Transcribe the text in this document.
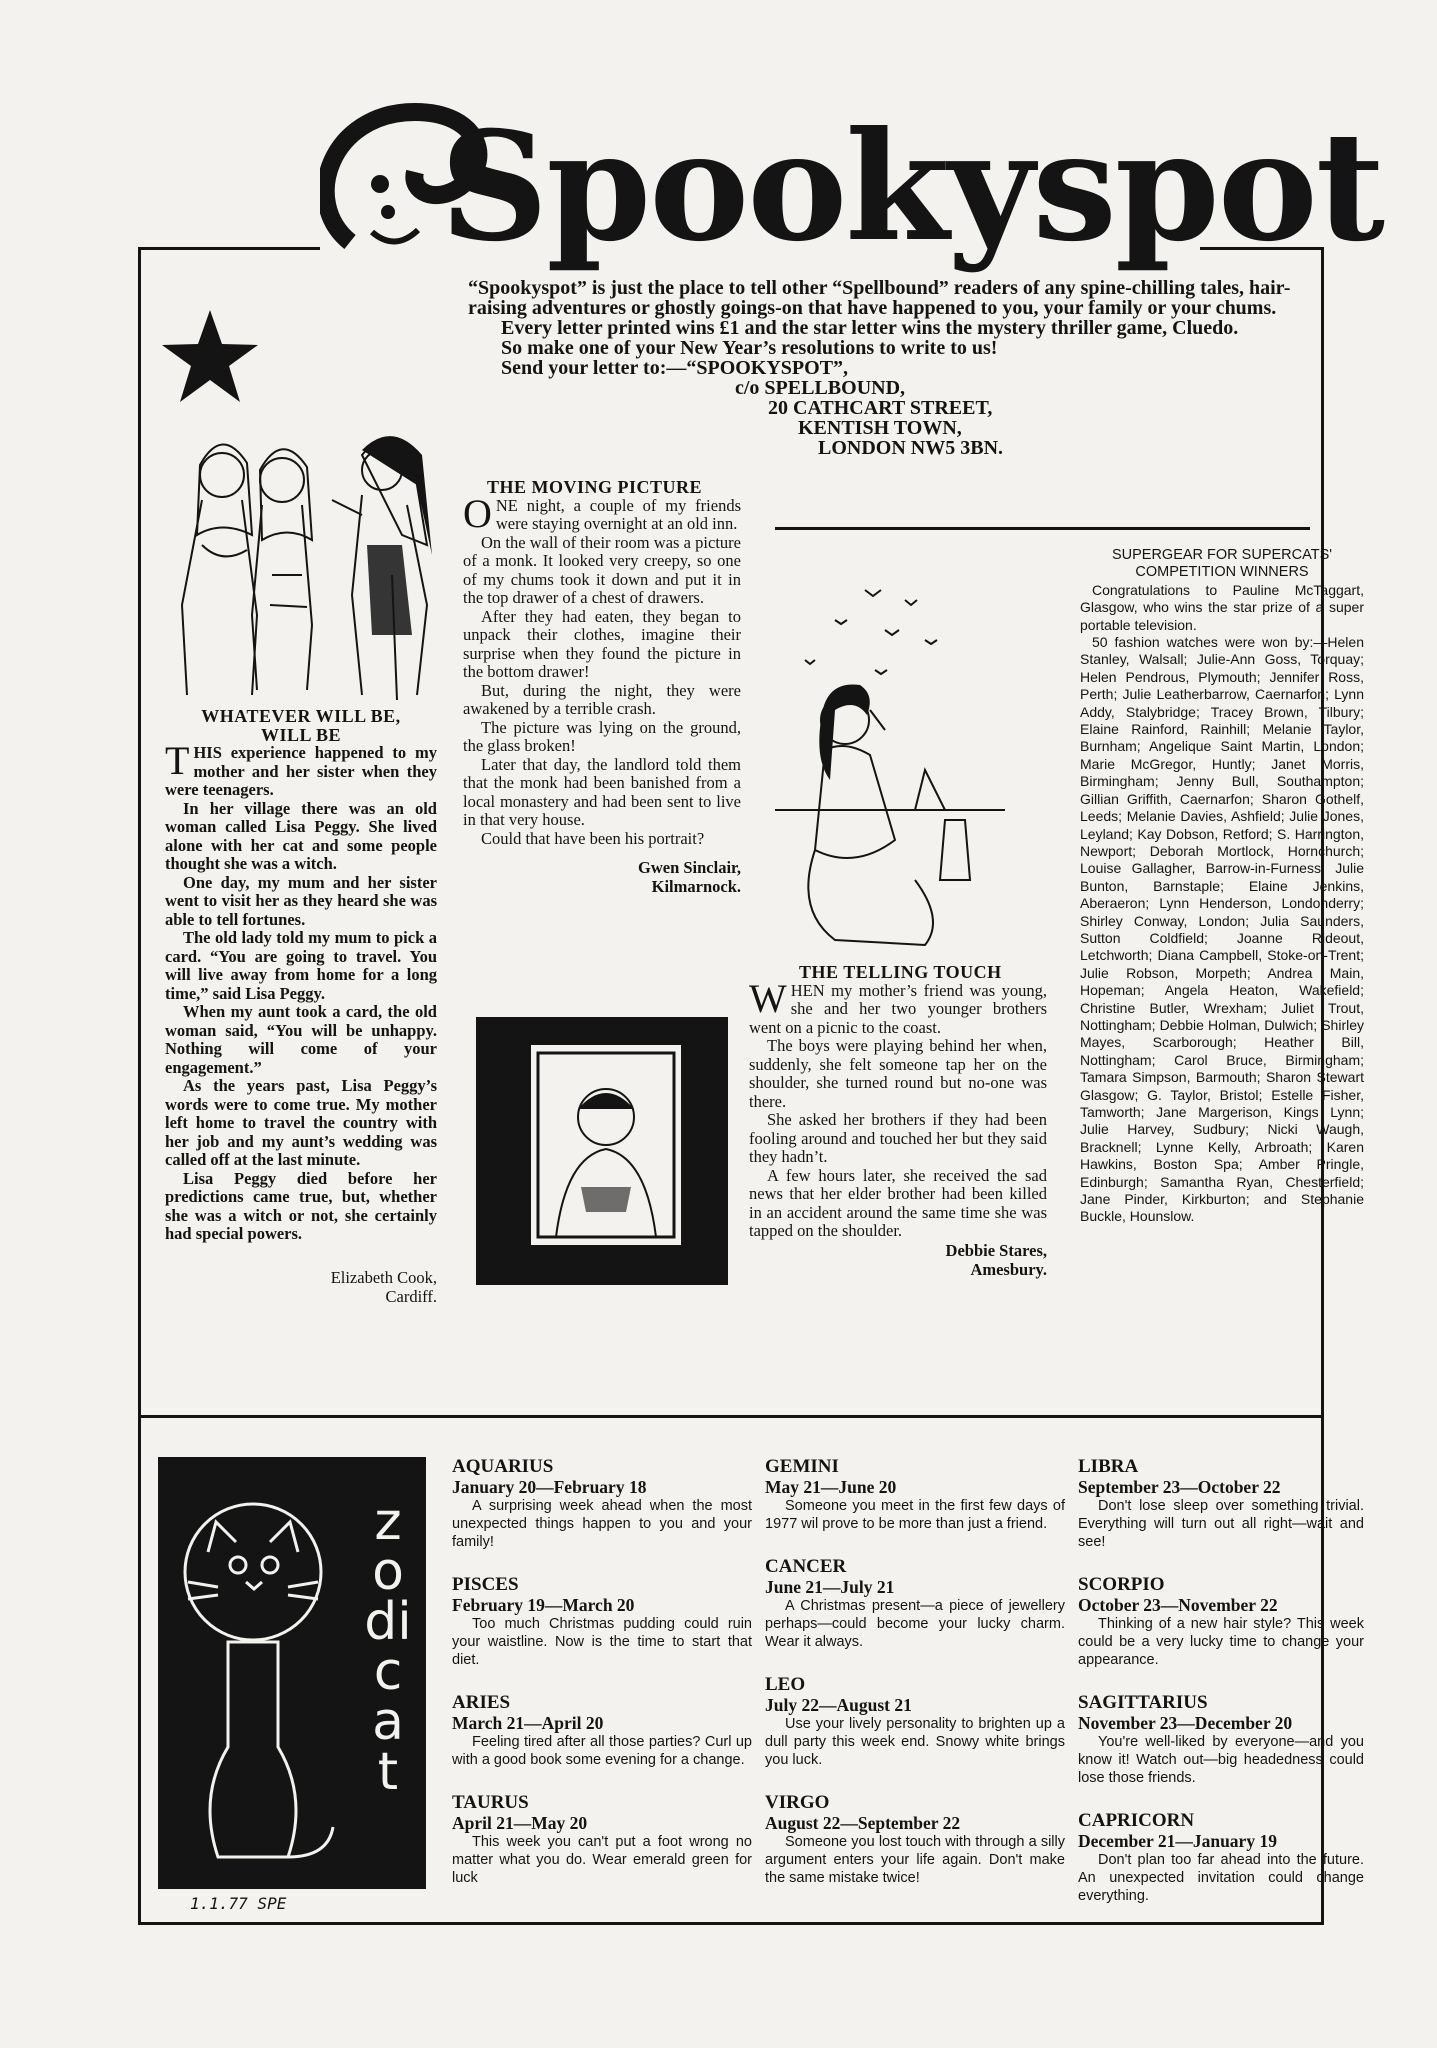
Spookyspot

“Spookyspot” is just the place to tell other “Spellbound” readers of any spine-chilling tales, hair-raising adventures or ghostly goings-on that have happened to you, your family or your chums.

Every letter printed wins £1 and the star letter wins the mystery thriller game, Cluedo.

So make one of your New Year’s resolutions to write to us!

Send your letter to:—“SPOOKYSPOT”,

c/o SPELLBOUND,
20 CATHCART STREET,
KENTISH TOWN,
LONDON NW5 3BN.
WHATEVER WILL BE,
WILL BE

THIS experience happened to my mother and her sister when they were teenagers.

In her village there was an old woman called Lisa Peggy. She lived alone with her cat and some people thought she was a witch.

One day, my mum and her sister went to visit her as they heard she was able to tell fortunes.

The old lady told my mum to pick a card. “You are going to travel. You will live away from home for a long time,” said Lisa Peggy.

When my aunt took a card, the old woman said, “You will be unhappy. Nothing will come of your engagement.”

As the years past, Lisa Peggy’s words were to come true. My mother left home to travel the country with her job and my aunt’s wedding was called off at the last minute.

Lisa Peggy died before her predictions came true, but, whether she was a witch or not, she certainly had special powers.

Elizabeth Cook,
Cardiff.
THE MOVING PICTURE

ONE night, a couple of my friends were staying overnight at an old inn.

On the wall of their room was a picture of a monk. It looked very creepy, so one of my chums took it down and put it in the top drawer of a chest of drawers.

After they had eaten, they began to unpack their clothes, imagine their surprise when they found the picture in the bottom drawer!

But, during the night, they were awakened by a terrible crash.

The picture was lying on the ground, the glass broken!

Later that day, the landlord told them that the monk had been banished from a local monastery and had been sent to live in that very house.

Could that have been his portrait?

Gwen Sinclair,
Kilmarnock.
THE TELLING TOUCH

WHEN my mother’s friend was young, she and her two younger brothers went on a picnic to the coast.

The boys were playing behind her when, suddenly, she felt someone tap her on the shoulder, she turned round but no-one was there.

She asked her brothers if they had been fooling around and touched her but they said they hadn’t.

A few hours later, she received the sad news that her elder brother had been killed in an accident around the same time she was tapped on the shoulder.

Debbie Stares,
Amesbury.
SUPERGEAR FOR SUPERCATS'
COMPETITION WINNERS

Congratulations to Pauline McTaggart, Glasgow, who wins the star prize of a super portable television.

50 fashion watches were won by:—Helen Stanley, Walsall; Julie-Ann Goss, Torquay; Helen Pendrous, Plymouth; Jennifer Ross, Perth; Julie Leatherbarrow, Caernarfon; Lynn Addy, Stalybridge; Tracey Brown, Tilbury; Elaine Rainford, Rainhill; Melanie Taylor, Burnham; Angelique Saint Martin, London; Marie McGregor, Huntly; Janet Morris, Birmingham; Jenny Bull, Southampton; Gillian Griffith, Caernarfon; Sharon Gothelf, Leeds; Melanie Davies, Ashfield; Julie Jones, Leyland; Kay Dobson, Retford; S. Harrington, Newport; Deborah Mortlock, Hornchurch; Louise Gallagher, Barrow-in-Furness; Julie Bunton, Barnstaple; Elaine Jenkins, Aberaeron; Lynn Henderson, Londonderry; Shirley Conway, London; Julia Saunders, Sutton Coldfield; Joanne Rideout, Letchworth; Diana Campbell, Stoke-on-Trent; Julie Robson, Morpeth; Andrea Main, Hopeman; Angela Heaton, Wakefield; Christine Butler, Wrexham; Juliet Trout, Nottingham; Debbie Holman, Dulwich; Shirley Mayes, Scarborough; Heather Bill, Nottingham; Carol Bruce, Birmingham; Tamara Simpson, Barmouth; Sharon Stewart Glasgow; G. Taylor, Bristol; Estelle Fisher, Tamworth; Jane Margerison, Kings Lynn; Julie Harvey, Sudbury; Nicki Waugh, Bracknell; Lynne Kelly, Arbroath; Karen Hawkins, Boston Spa; Amber Pringle, Edinburgh; Samantha Ryan, Chesterfield; Jane Pinder, Kirkburton; and Stephanie Buckle, Hounslow.

zodicat
1.1.77 SPE
AQUARIUS
January 20—February 18
A surprising week ahead when the most unexpected things happen to you and your family!
PISCES
February 19—March 20
Too much Christmas pudding could ruin your waistline. Now is the time to start that diet.
ARIES
March 21—April 20
Feeling tired after all those parties? Curl up with a good book some evening for a change.
TAURUS
April 21—May 20
This week you can't put a foot wrong no matter what you do. Wear emerald green for luck
GEMINI
May 21—June 20
Someone you meet in the first few days of 1977 wil prove to be more than just a friend.
CANCER
June 21—July 21
A Christmas present—a piece of jewellery perhaps—could become your lucky charm. Wear it always.
LEO
July 22—August 21
Use your lively personality to brighten up a dull party this week end. Snowy white brings you luck.
VIRGO
August 22—September 22
Someone you lost touch with through a silly argument enters your life again. Don't make the same mistake twice!
LIBRA
September 23—October 22
Don't lose sleep over something trivial. Everything will turn out all right—wait and see!
SCORPIO
October 23—November 22
Thinking of a new hair style? This week could be a very lucky time to change your appearance.
SAGITTARIUS
November 23—December 20
You're well-liked by everyone—and you know it! Watch out—big headedness could lose those friends.
CAPRICORN
December 21—January 19
Don't plan too far ahead into the future. An unexpected invitation could change everything.
